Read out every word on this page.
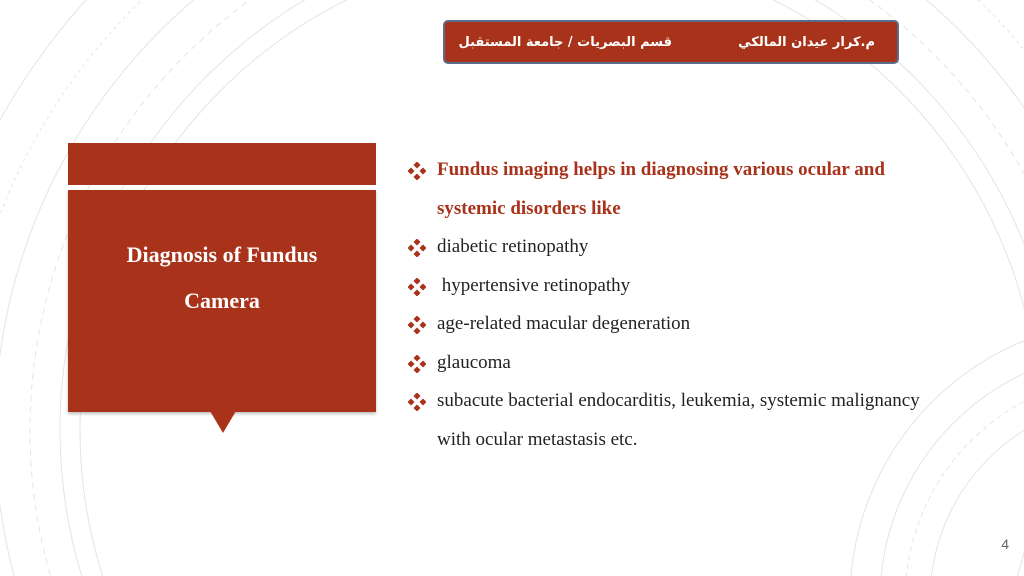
م.كرار عيدان المالكي
قسم البصريات / جامعة المستقبل
Diagnosis of Fundus
Camera
Fundus imaging helps in diagnosing various ocular and
systemic disorders like
diabetic retinopathy
hypertensive retinopathy
age-related macular degeneration
glaucoma
subacute bacterial endocarditis, leukemia, systemic malignancy
with ocular metastasis etc.
4
